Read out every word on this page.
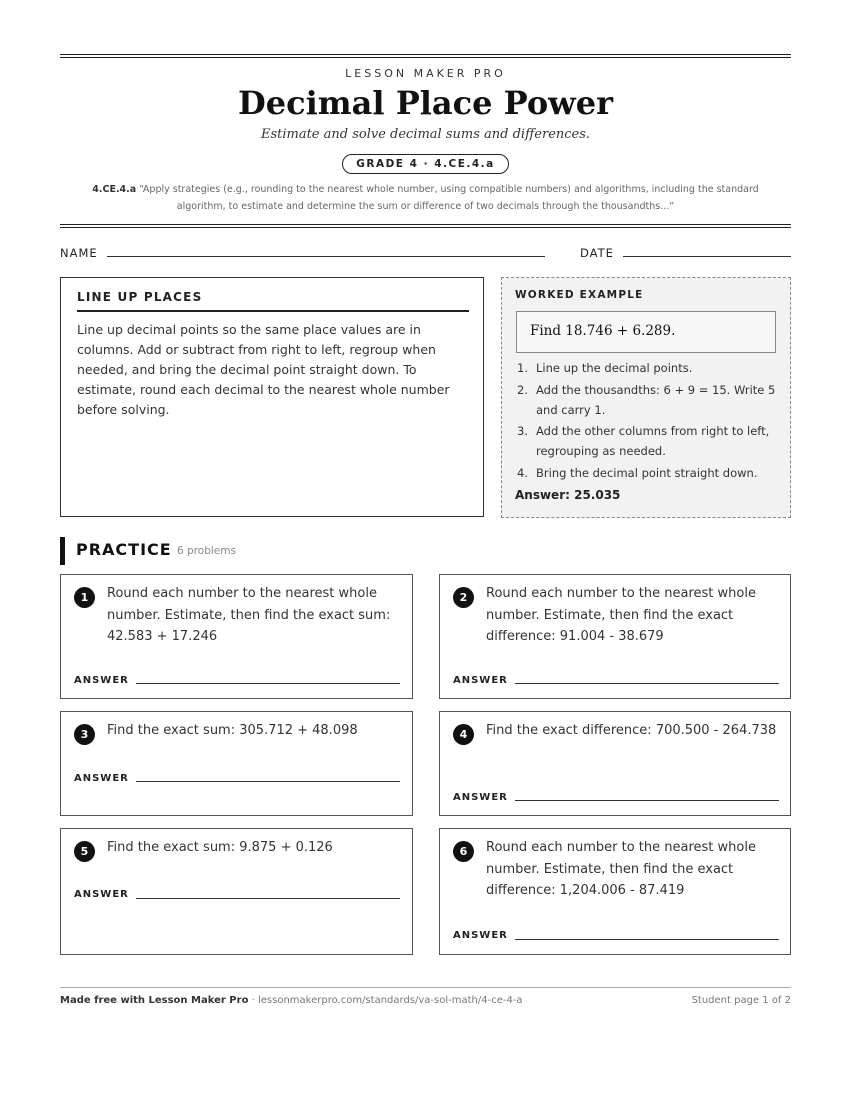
LESSON MAKER PRO
Decimal Place Power
Estimate and solve decimal sums and differences.
GRADE 4 · 4.CE.4.a
4.CE.4.a “Apply strategies (e.g., rounding to the nearest whole number, using compatible numbers) and algorithms, including the standard algorithm, to estimate and determine the sum or difference of two decimals through the thousandths...”
NAME	DATE
LINE UP PLACES
Line up decimal points so the same place values are in columns. Add or subtract from right to left, regroup when needed, and bring the decimal point straight down. To estimate, round each decimal to the nearest whole number before solving.
WORKED EXAMPLE
Find 18.746 + 6.289.
1. Line up the decimal points.
2. Add the thousandths: 6 + 9 = 15. Write 5 and carry 1.
3. Add the other columns from right to left, regrouping as needed.
4. Bring the decimal point straight down.
Answer: 25.035
PRACTICE 6 problems
1	Round each number to the nearest whole number. Estimate, then find the exact sum: 42.583 + 17.246
ANSWER
2	Round each number to the nearest whole number. Estimate, then find the exact difference: 91.004 - 38.679
ANSWER
3	Find the exact sum: 305.712 + 48.098
ANSWER
4	Find the exact difference: 700.500 - 264.738
ANSWER
5	Find the exact sum: 9.875 + 0.126
ANSWER
6	Round each number to the nearest whole number. Estimate, then find the exact difference: 1,204.006 - 87.419
ANSWER
Made free with Lesson Maker Pro · lessonmakerpro.com/standards/va-sol-math/4-ce-4-a	Student page 1 of 2
